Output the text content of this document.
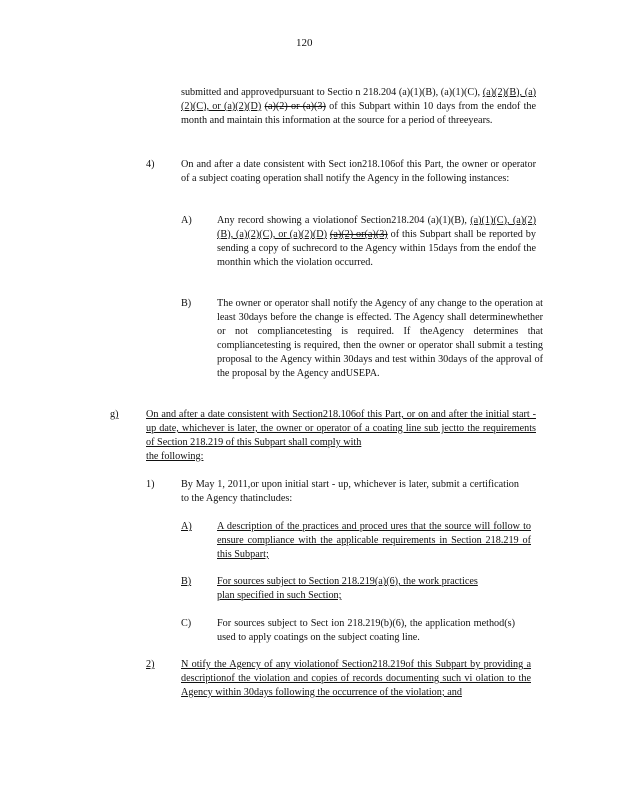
120
submitted and approvedpursuant to Sectio n 218.204 (a)(1)(B), (a)(1)(C), (a)(2)(B), (a)(2)(C), or (a)(2)(D) (a)(2) or (a)(3) of this Subpart within 10 days from the endof the month and maintain this information at the source for a period of threeyears.
4)	On and after a date consistent with Sect ion218.106of this Part, the owner or operator of a subject coating operation shall notify the Agency in the following instances:
A) Any record showing a violationof Section218.204 (a)(1)(B), (a)(1)(C), (a)(2)(B), (a)(2)(C), or (a)(2)(D) (a)(2) or(a)(3) of this Subpart shall be reported by sending a copy of suchrecord to the Agency within 15days from the endof the monthin which the violation occurred.
B)	The owner or operator shall notify the Agency of any change to the operation at least 30days before the change is effected. The Agency shall determinewhether or not compliancetesting is required. If theAgency determines that compliancetesting is required, then the owner or operator shall submit a testing proposal to the Agency within 30days and test within 30days of the approval of the proposal by the Agency andUSEPA.
g)	On and after a date consistent with Section218.106of this Part, or on and after the initial start -up date, whichever is later, the owner or operator of a coating line sub jectto the requirements of Section 218.219 of this Subpart shall comply with
the following:
1)	By May 1, 2011,or upon initial start - up, whichever is later, submit a certification to the Agency thatincludes:
A) A description of the practices and proced ures that the source will follow to ensure compliance with the applicable requirements in Section 218.219 of this Subpart;
B)	For sources subject to Section 218.219(a)(6), the work practices
plan specified in such Section;
C)	For sources subject to Sect ion 218.219(b)(6), the application method(s) used to apply coatings on the subject coating line.
2)	N otify the Agency of any violationof Section218.219of this Subpart by providing a descriptionof the violation and copies of records documenting such vi olation to the Agency within 30days following the occurrence of the violation; and
